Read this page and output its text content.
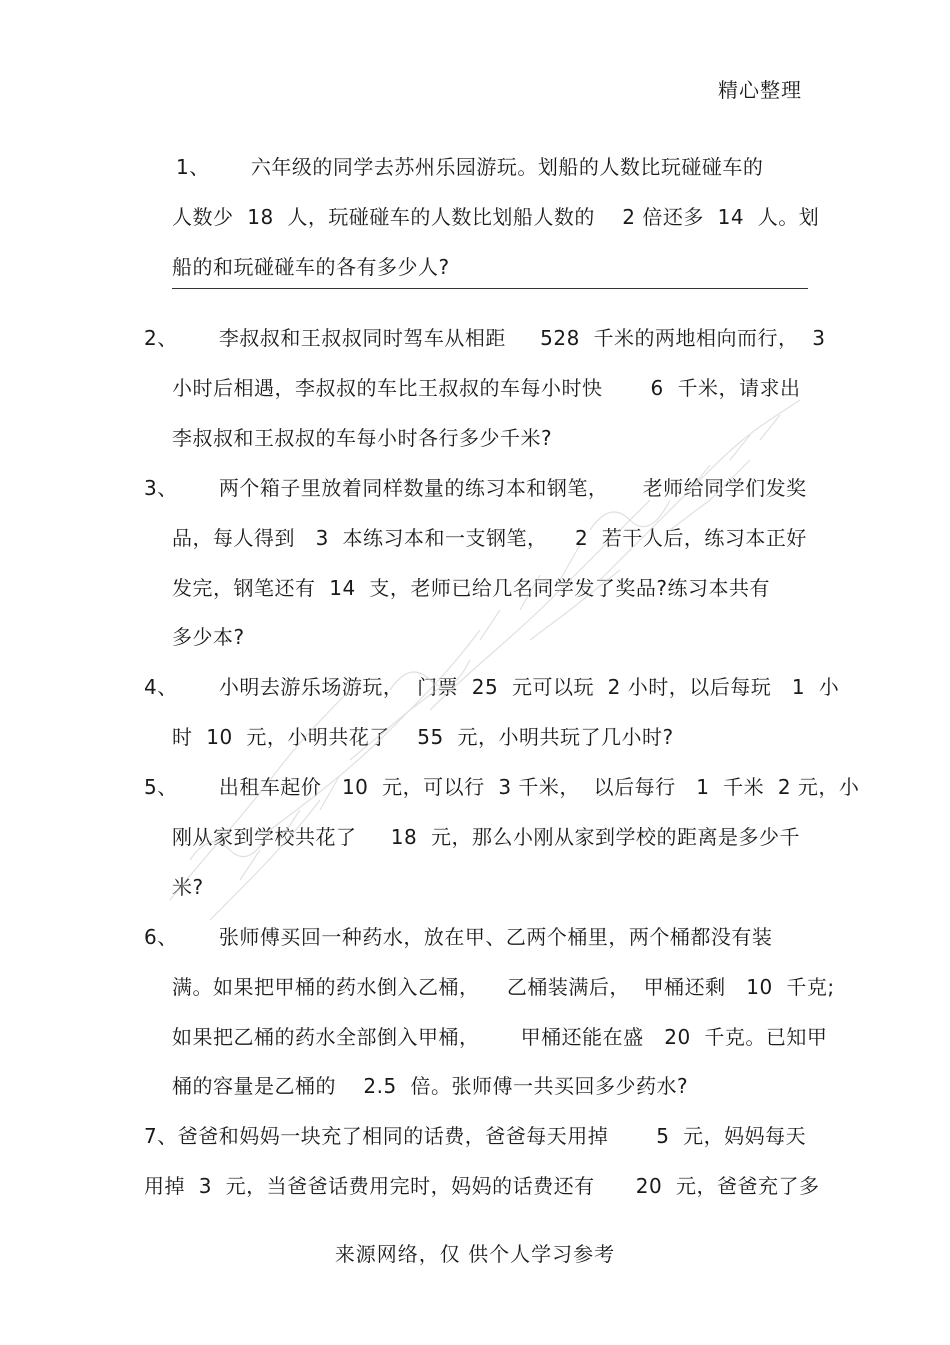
精心整理
1、      六年级的同学去苏州乐园游玩。划船的人数比玩碰碰车的
人数少  18  人，玩碰碰车的人数比划船人数的    2 倍还多  14  人。划
船的和玩碰碰车的各有多少人?
2、      李叔叔和王叔叔同时驾车从相距     528  千米的两地相向而行，  3
小时后相遇，李叔叔的车比王叔叔的车每小时快       6  千米，请求出
李叔叔和王叔叔的车每小时各行多少千米?
3、      两个箱子里放着同样数量的练习本和钢笔，     老师给同学们发奖
品，每人得到   3  本练习本和一支钢笔，    2  若干人后，练习本正好
发完，钢笔还有  14  支，老师已给几名同学发了奖品?练习本共有
多少本?
4、      小明去游乐场游玩，  门票  25  元可以玩  2 小时，以后每玩   1  小
时  10  元，小明共花了    55  元，小明共玩了几小时?
5、      出租车起价   10  元，可以行  3 千米，  以后每行   1  千米  2 元，小
刚从家到学校共花了     18  元，那么小刚从家到学校的距离是多少千
米?
6、      张师傅买回一种药水，放在甲、乙两个桶里，两个桶都没有装
满。如果把甲桶的药水倒入乙桶，    乙桶装满后，  甲桶还剩   10  千克;
如果把乙桶的药水全部倒入甲桶，      甲桶还能在盛   20  千克。已知甲
桶的容量是乙桶的    2.5  倍。张师傅一共买回多少药水?
7、爸爸和妈妈一块充了相同的话费，爸爸每天用掉       5  元，妈妈每天
用掉  3  元，当爸爸话费用完时，妈妈的话费还有      20  元，爸爸充了多
来源网络，仅 供个人学习参考
